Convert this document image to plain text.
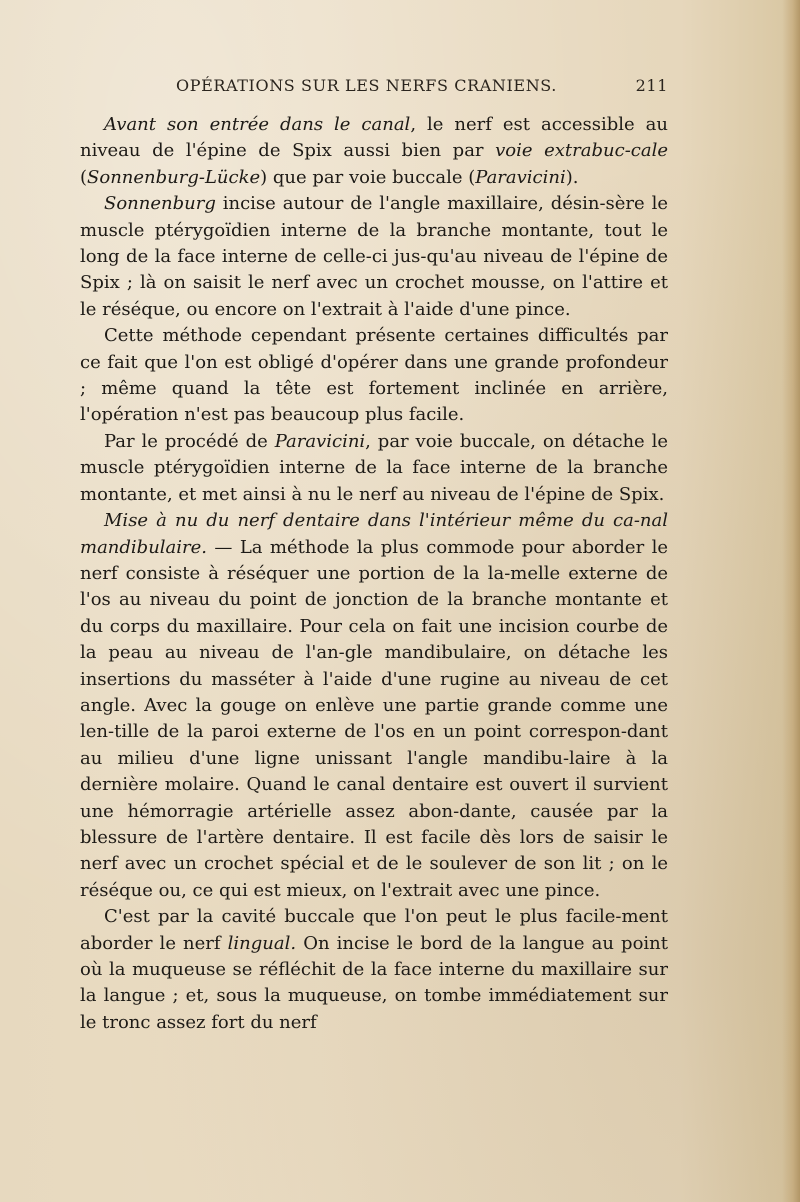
OPÉRATIONS SUR LES NERFS CRANIENS.	211

Avant son entrée dans le canal, le nerf est accessible au niveau de l'épine de Spix aussi bien par voie extrabuc-cale (Sonnenburg-Lücke) que par voie buccale (Paravicini).

Sonnenburg incise autour de l'angle maxillaire, désin-sère le muscle ptérygoïdien interne de la branche montante, tout le long de la face interne de celle-ci jus-qu'au niveau de l'épine de Spix ; là on saisit le nerf avec un crochet mousse, on l'attire et le réséque, ou encore on l'extrait à l'aide d'une pince.

Cette méthode cependant présente certaines difficultés par ce fait que l'on est obligé d'opérer dans une grande profondeur ; même quand la tête est fortement inclinée en arrière, l'opération n'est pas beaucoup plus facile.

Par le procédé de Paravicini, par voie buccale, on détache le muscle ptérygoïdien interne de la face interne de la branche montante, et met ainsi à nu le nerf au niveau de l'épine de Spix.

Mise à nu du nerf dentaire dans l'intérieur même du ca-nal mandibulaire. — La méthode la plus commode pour aborder le nerf consiste à réséquer une portion de la la-melle externe de l'os au niveau du point de jonction de la branche montante et du corps du maxillaire. Pour cela on fait une incision courbe de la peau au niveau de l'an-gle mandibulaire, on détache les insertions du masséter à l'aide d'une rugine au niveau de cet angle. Avec la gouge on enlève une partie grande comme une len-tille de la paroi externe de l'os en un point correspon-dant au milieu d'une ligne unissant l'angle mandibu-laire à la dernière molaire. Quand le canal dentaire est ouvert il survient une hémorragie artérielle assez abon-dante, causée par la blessure de l'artère dentaire. Il est facile dès lors de saisir le nerf avec un crochet spécial et de le soulever de son lit ; on le réséque ou, ce qui est mieux, on l'extrait avec une pince.

C'est par la cavité buccale que l'on peut le plus facile-ment aborder le nerf lingual. On incise le bord de la langue au point où la muqueuse se réfléchit de la face interne du maxillaire sur la langue ; et, sous la muqueuse, on tombe immédiatement sur le tronc assez fort du nerf
